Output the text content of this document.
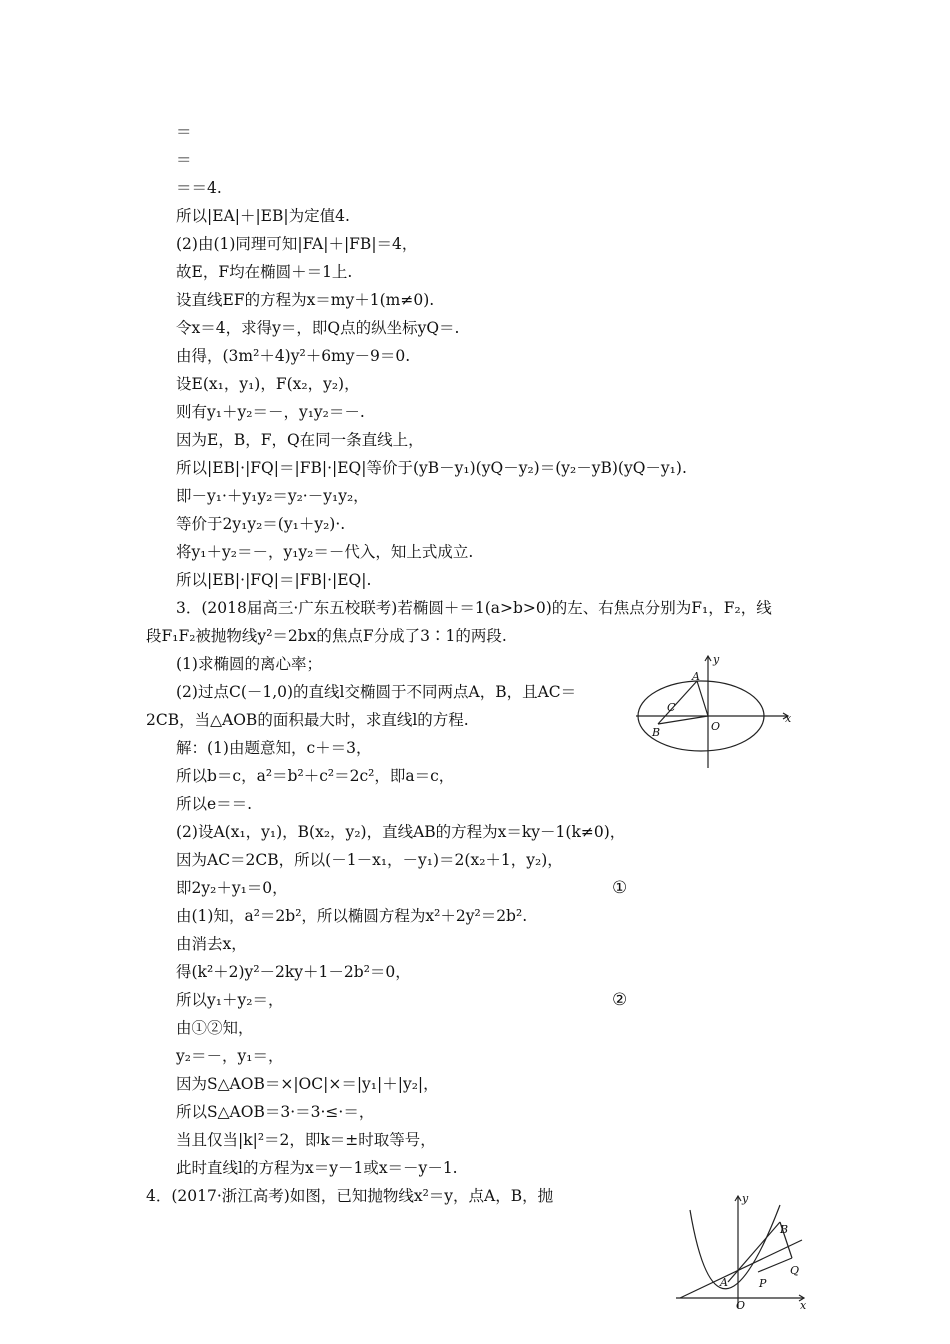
＝
＝
＝＝4.
所以|EA|＋|EB|为定值4.
(2)由(1)同理可知|FA|＋|FB|＝4，
故E，F均在椭圆＋＝1上.
设直线EF的方程为x＝my＋1(m≠0).
令x＝4，求得y＝，即Q点的纵坐标yQ＝.
由得，(3m²＋4)y²＋6my－9＝0.
设E(x₁，y₁)，F(x₂，y₂)，
则有y₁＋y₂＝－，y₁y₂＝－.
因为E，B，F，Q在同一条直线上，
所以|EB|·|FQ|＝|FB|·|EQ|等价于(yB－y₁)(yQ－y₂)＝(y₂－yB)(yQ－y₁).
即－y₁·＋y₁y₂＝y₂·－y₁y₂，
等价于2y₁y₂＝(y₁＋y₂)·.
将y₁＋y₂＝－，y₁y₂＝－代入，知上式成立.
所以|EB|·|FQ|＝|FB|·|EQ|.
3．(2018届高三·广东五校联考)若椭圆＋＝1(a>b>0)的左、右焦点分别为F₁，F₂，线
段F₁F₂被抛物线y²＝2bx的焦点F分成了3∶1的两段.
(1)求椭圆的离心率；
(2)过点C(－1,0)的直线l交椭圆于不同两点A，B，且AC＝
2CB，当△AOB的面积最大时，求直线l的方程.
解：(1)由题意知，c＋＝3，
所以b＝c，a²＝b²＋c²＝2c²，即a＝c，
所以e＝＝.
(2)设A(x₁，y₁)，B(x₂，y₂)，直线AB的方程为x＝ky－1(k≠0)，
因为AC＝2CB，所以(－1－x₁，－y₁)＝2(x₂＋1，y₂)，
即2y₂＋y₁＝0，
由(1)知，a²＝2b²，所以椭圆方程为x²＋2y²＝2b².
由消去x，
得(k²＋2)y²－2ky＋1－2b²＝0，
所以y₁＋y₂＝，
由①②知，
y₂＝－，y₁＝，
因为S△AOB＝×|OC|×＝|y₁|＋|y₂|，
所以S△AOB＝3·＝3·≤·＝，
当且仅当|k|²＝2，即k＝±时取等号，
此时直线l的方程为x＝y－1或x＝－y－1.
4．(2017·浙江高考)如图，已知抛物线x²＝y，点A，B，抛
①
②
y
A
C
O
x
B
y
B
Q
A	P
O	x
